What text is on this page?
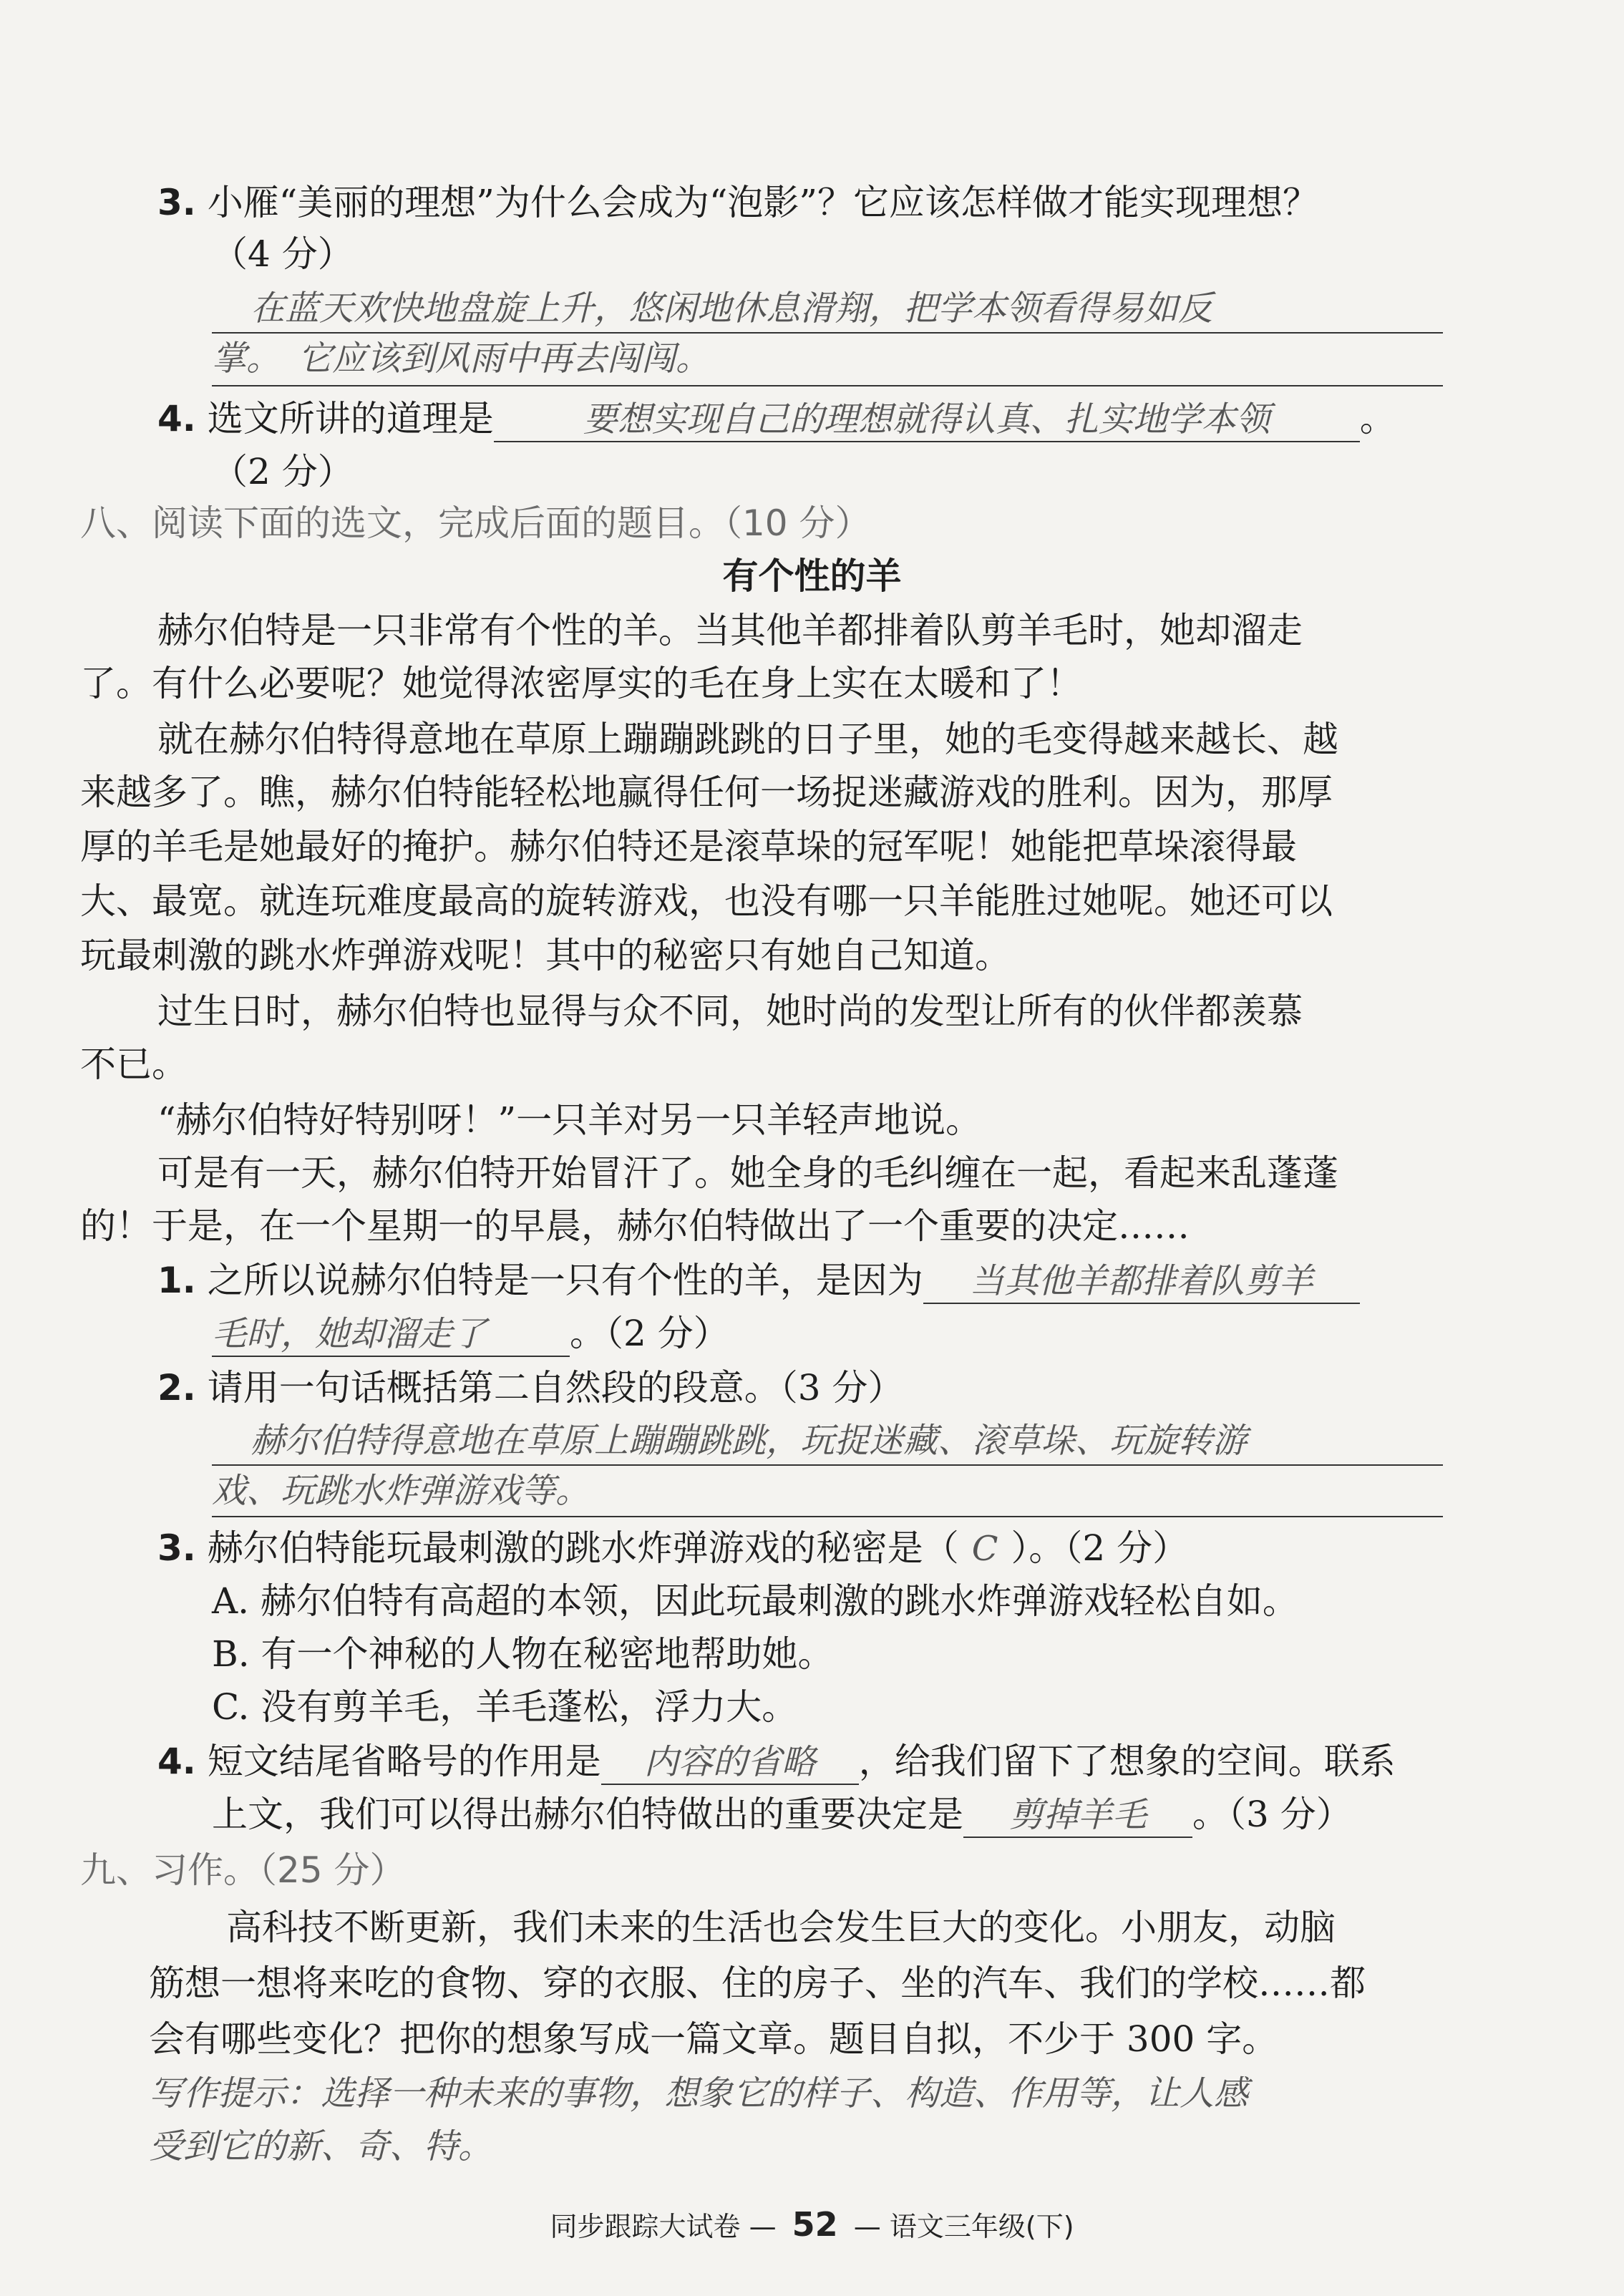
3. 小雁“美丽的理想”为什么会成为“泡影”？它应该怎样做才能实现理想？
（4 分）
在蓝天欢快地盘旋上升，悠闲地休息滑翔，把学本领看得易如反
掌。　它应该到风雨中再去闯闯。
4. 选文所讲的道理是	要想实现自己的理想就得认真、扎实地学本领	。
（2 分）
八、阅读下面的选文，完成后面的题目。（10 分）
有个性的羊
赫尔伯特是一只非常有个性的羊。当其他羊都排着队剪羊毛时，她却溜走
了。有什么必要呢？她觉得浓密厚实的毛在身上实在太暖和了！
就在赫尔伯特得意地在草原上蹦蹦跳跳的日子里，她的毛变得越来越长、越
来越多了。瞧，赫尔伯特能轻松地赢得任何一场捉迷藏游戏的胜利。因为，那厚
厚的羊毛是她最好的掩护。赫尔伯特还是滚草垛的冠军呢！她能把草垛滚得最
大、最宽。就连玩难度最高的旋转游戏，也没有哪一只羊能胜过她呢。她还可以
玩最刺激的跳水炸弹游戏呢！其中的秘密只有她自己知道。
过生日时，赫尔伯特也显得与众不同，她时尚的发型让所有的伙伴都羡慕
不已。
“赫尔伯特好特别呀！”一只羊对另一只羊轻声地说。
可是有一天，赫尔伯特开始冒汗了。她全身的毛纠缠在一起，看起来乱蓬蓬
的！于是，在一个星期一的早晨，赫尔伯特做出了一个重要的决定……
1. 之所以说赫尔伯特是一只有个性的羊，是因为 当其他羊都排着队剪羊
毛时，她却溜走了 。（2 分）
2. 请用一句话概括第二自然段的段意。（3 分）
赫尔伯特得意地在草原上蹦蹦跳跳，玩捉迷藏、滚草垛、玩旋转游
戏、玩跳水炸弹游戏等。
3. 赫尔伯特能玩最刺激的跳水炸弹游戏的秘密是（ C ）。（2 分）
A. 赫尔伯特有高超的本领，因此玩最刺激的跳水炸弹游戏轻松自如。
B. 有一个神秘的人物在秘密地帮助她。
C. 没有剪羊毛，羊毛蓬松，浮力大。
4. 短文结尾省略号的作用是 内容的省略 ，给我们留下了想象的空间。联系
上文，我们可以得出赫尔伯特做出的重要决定是 剪掉羊毛 。（3 分）
九、习作。（25 分）
高科技不断更新，我们未来的生活也会发生巨大的变化。小朋友，动脑
筋想一想将来吃的食物、穿的衣服、住的房子、坐的汽车、我们的学校……都
会有哪些变化？把你的想象写成一篇文章。题目自拟，不少于 300 字。
写作提示：选择一种未来的事物，想象它的样子、构造、作用等，让人感
受到它的新、奇、特。
同步跟踪大试卷 — 52 — 语文三年级(下)
